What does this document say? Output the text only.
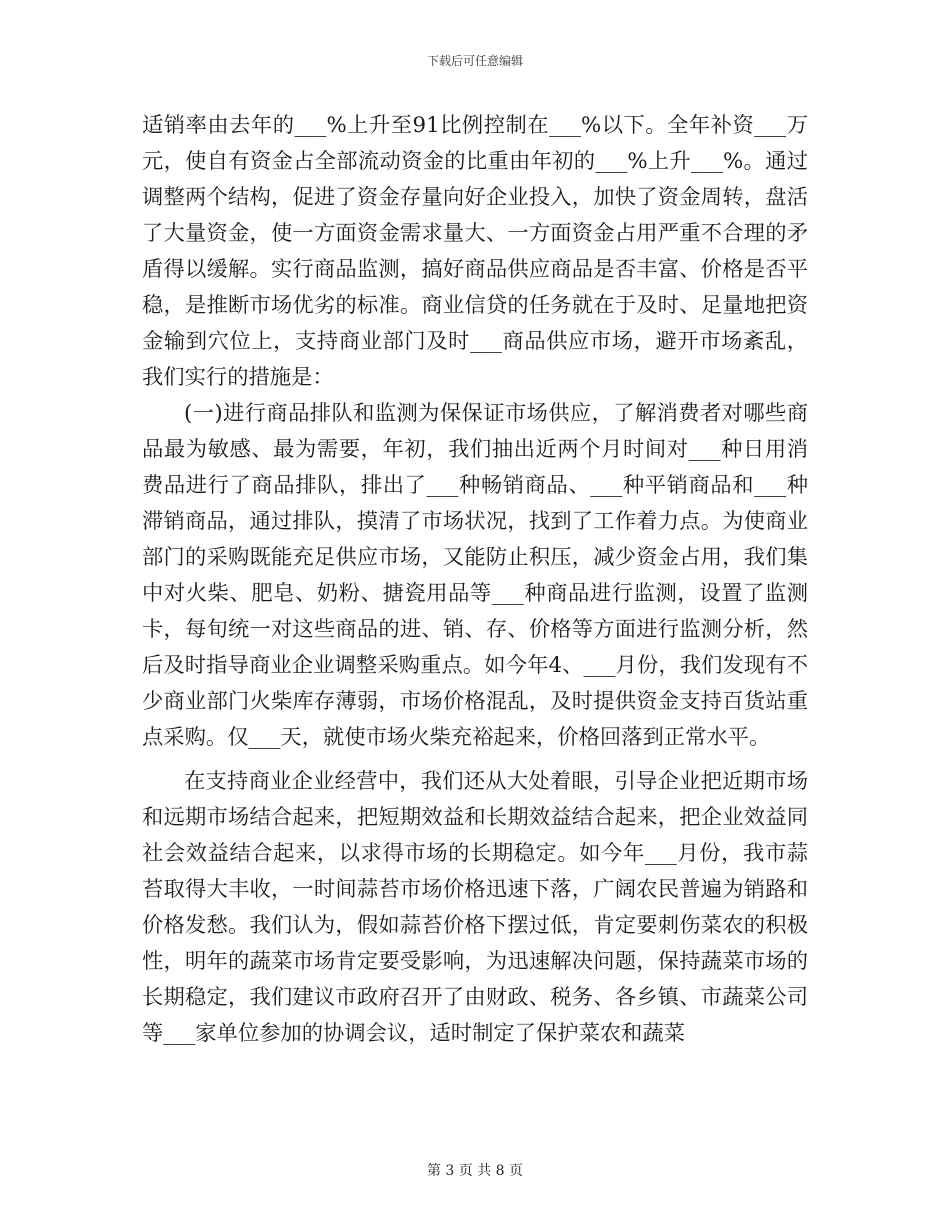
下载后可任意编辑

适销率由去年的___%上升至91比例控制在___%以下。全年补资___万元，使自有资金占全部流动资金的比重由年初的___%上升___%。通过调整两个结构，促进了资金存量向好企业投入，加快了资金周转，盘活了大量资金，使一方面资金需求量大、一方面资金占用严重不合理的矛盾得以缓解。实行商品监测，搞好商品供应商品是否丰富、价格是否平稳，是推断市场优劣的标准。商业信贷的任务就在于及时、足量地把资金输到穴位上，支持商业部门及时___商品供应市场，避开市场紊乱，我们实行的措施是：

(一)进行商品排队和监测为保保证市场供应，了解消费者对哪些商品最为敏感、最为需要，年初，我们抽出近两个月时间对___种日用消费品进行了商品排队，排出了___种畅销商品、___种平销商品和___种滞销商品，通过排队，摸清了市场状况，找到了工作着力点。为使商业部门的采购既能充足供应市场，又能防止积压，减少资金占用，我们集中对火柴、肥皂、奶粉、搪瓷用品等___种商品进行监测，设置了监测卡，每旬统一对这些商品的进、销、存、价格等方面进行监测分析，然后及时指导商业企业调整采购重点。如今年4、___月份，我们发现有不少商业部门火柴库存薄弱，市场价格混乱，及时提供资金支持百货站重点采购。仅___天，就使市场火柴充裕起来，价格回落到正常水平。

在支持商业企业经营中，我们还从大处着眼，引导企业把近期市场和远期市场结合起来，把短期效益和长期效益结合起来，把企业效益同社会效益结合起来，以求得市场的长期稳定。如今年___月份，我市蒜苔取得大丰收，一时间蒜苔市场价格迅速下落，广阔农民普遍为销路和价格发愁。我们认为，假如蒜苔价格下摆过低，肯定要刺伤菜农的积极性，明年的蔬菜市场肯定要受影响，为迅速解决问题，保持蔬菜市场的长期稳定，我们建议市政府召开了由财政、税务、各乡镇、市蔬菜公司等___家单位参加的协调会议，适时制定了保护菜农和蔬菜

第 3 页 共 8 页
